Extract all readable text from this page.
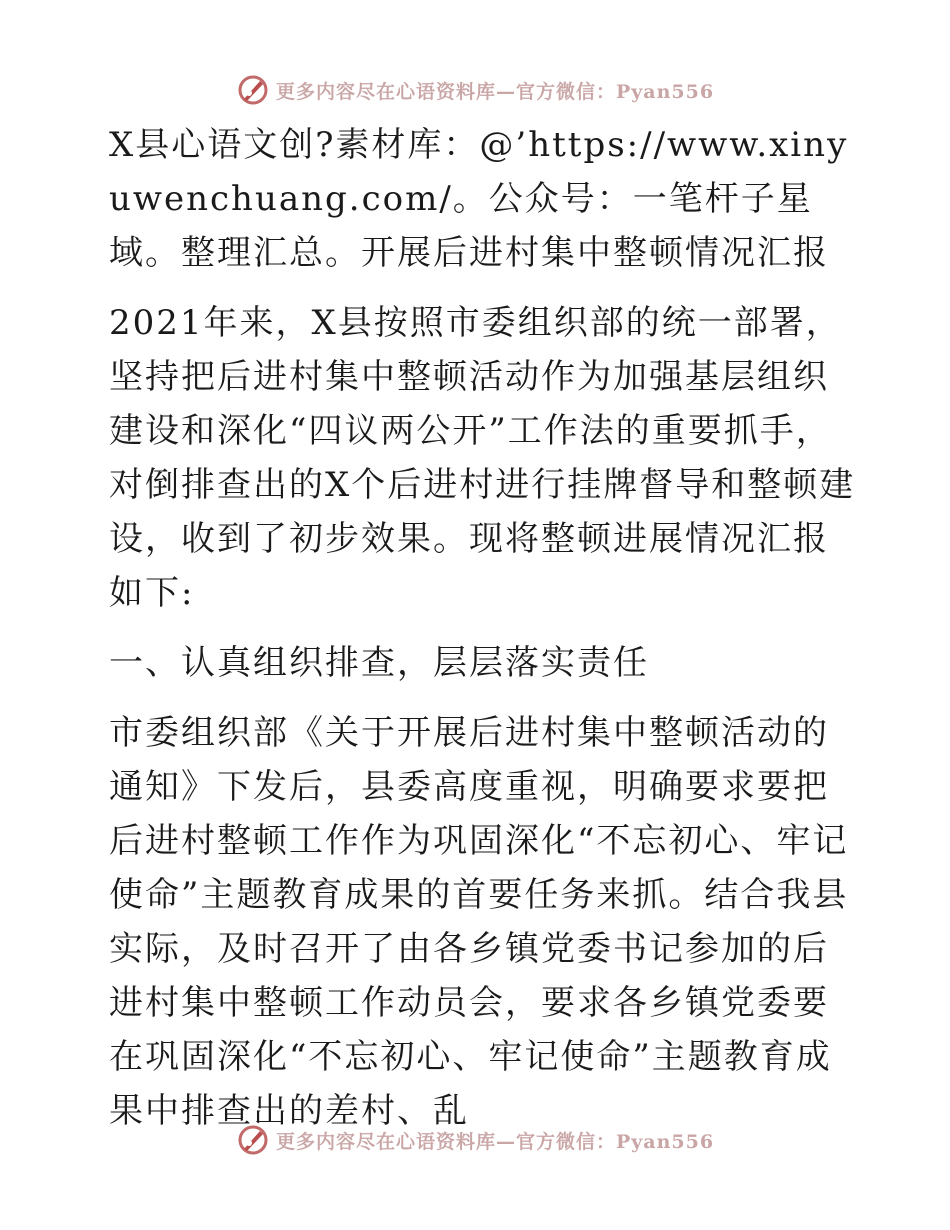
更多内容尽在心语资料库—官方微信：Pyan556

X县心语文创?素材库：@’https://www.xinyuwenchuang.com/。公众号：一笔杆子星域。整理汇总。开展后进村集中整顿情况汇报

2021年来，X县按照市委组织部的统一部署，坚持把后进村集中整顿活动作为加强基层组织建设和深化“四议两公开”工作法的重要抓手，对倒排查出的X个后进村进行挂牌督导和整顿建设，收到了初步效果。现将整顿进展情况汇报如下:

一、认真组织排查，层层落实责任

市委组织部《关于开展后进村集中整顿活动的通知》下发后，县委高度重视，明确要求要把后进村整顿工作作为巩固深化“不忘初心、牢记使命”主题教育成果的首要任务来抓。结合我县实际，及时召开了由各乡镇党委书记参加的后进村集中整顿工作动员会，要求各乡镇党委要在巩固深化“不忘初心、牢记使命”主题教育成果中排查出的差村、乱

更多内容尽在心语资料库—官方微信：Pyan556
